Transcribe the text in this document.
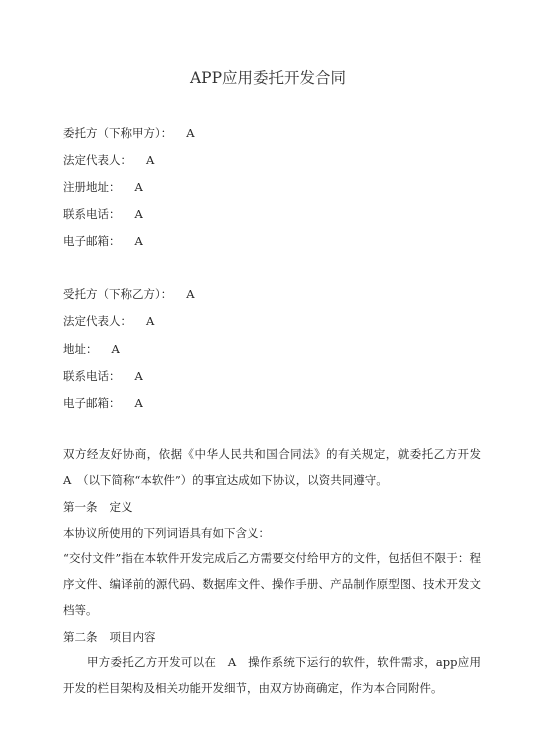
APP应用委托开发合同
委托方（下称甲方）： A
法定代表人： A
注册地址： A
联系电话： A
电子邮箱： A
受托方（下称乙方）： A
法定代表人： A
地址： A
联系电话： A
电子邮箱： A
双方经友好协商，依据《中华人民共和国合同法》的有关规定，就委托乙方开发　A　（以下简称“本软件”）的事宜达成如下协议，以资共同遵守。
第一条 定义
本协议所使用的下列词语具有如下含义：
“交付文件”指在本软件开发完成后乙方需要交付给甲方的文件，包括但不限于：程序文件、编译前的源代码、数据库文件、操作手册、产品制作原型图、技术开发文档等。
第二条 项目内容
甲方委托乙方开发可以在　A　操作系统下运行的软件，软件需求，app应用开发的栏目架构及相关功能开发细节，由双方协商确定，作为本合同附件。
